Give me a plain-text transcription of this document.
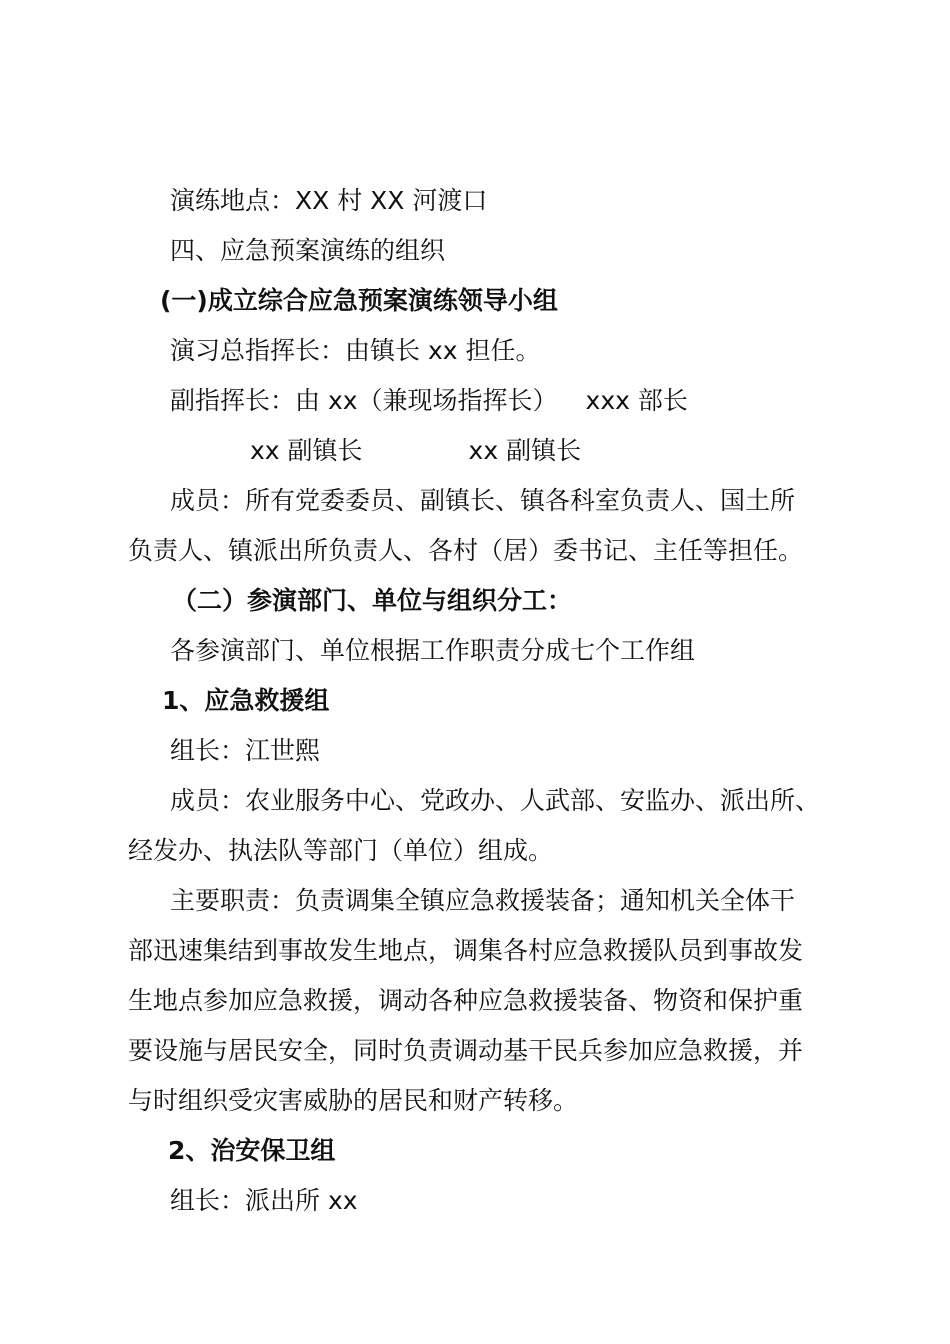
演练地点：XX 村 XX 河渡口
四、应急预案演练的组织
(一)成立综合应急预案演练领导小组
演习总指挥长：由镇长 xx 担任。
副指挥长：由 xx（兼现场指挥长） xxx 部长
xx 副镇长	xx 副镇长
成员：所有党委委员、副镇长、镇各科室负责人、国土所
负责人、镇派出所负责人、各村（居）委书记、主任等担任。
（二）参演部门、单位与组织分工：
各参演部门、单位根据工作职责分成七个工作组
1、应急救援组
组长：江世熙
成员：农业服务中心、党政办、人武部、安监办、派出所、
经发办、执法队等部门（单位）组成。
主要职责：负责调集全镇应急救援装备；通知机关全体干
部迅速集结到事故发生地点，调集各村应急救援队员到事故发
生地点参加应急救援，调动各种应急救援装备、物资和保护重
要设施与居民安全，同时负责调动基干民兵参加应急救援，并
与时组织受灾害威胁的居民和财产转移。
2、治安保卫组
组长：派出所 xx
